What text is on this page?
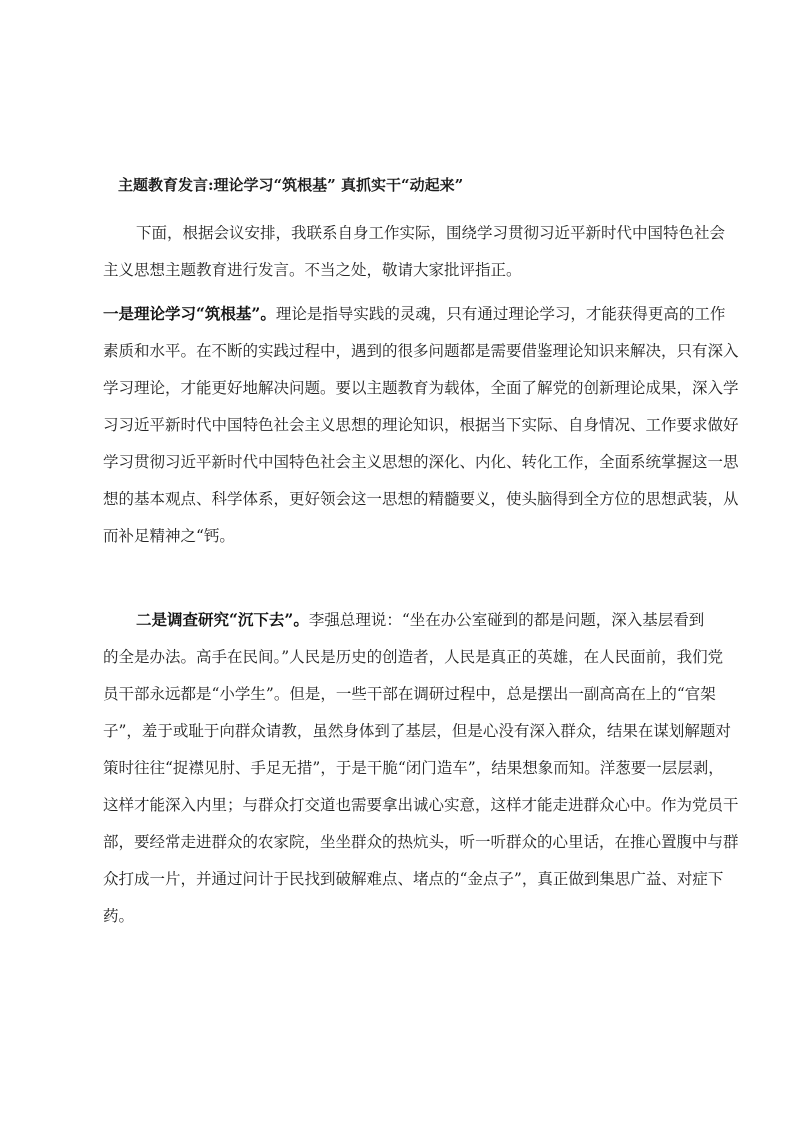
主题教育发言:理论学习“筑根基” 真抓实干“动起来”
下面，根据会议安排，我联系自身工作实际，围绕学习贯彻习近平新时代中国特色社会
主义思想主题教育进行发言。不当之处，敬请大家批评指正。
一是理论学习“筑根基”。理论是指导实践的灵魂，只有通过理论学习，才能获得更高的工作
素质和水平。在不断的实践过程中，遇到的很多问题都是需要借鉴理论知识来解决，只有深入
学习理论，才能更好地解决问题。要以主题教育为载体，全面了解党的创新理论成果，深入学
习习近平新时代中国特色社会主义思想的理论知识，根据当下实际、自身情况、工作要求做好
学习贯彻习近平新时代中国特色社会主义思想的深化、内化、转化工作，全面系统掌握这一思
想的基本观点、科学体系，更好领会这一思想的精髓要义，使头脑得到全方位的思想武装，从
而补足精神之“钙。
二是调查研究“沉下去”。李强总理说：“坐在办公室碰到的都是问题，深入基层看到
的全是办法。高手在民间。”人民是历史的创造者，人民是真正的英雄，在人民面前，我们党
员干部永远都是“小学生”。但是，一些干部在调研过程中，总是摆出一副高高在上的“官架
子”，羞于或耻于向群众请教，虽然身体到了基层，但是心没有深入群众，结果在谋划解题对
策时往往“捉襟见肘、手足无措”，于是干脆“闭门造车”，结果想象而知。洋葱要一层层剥，
这样才能深入内里；与群众打交道也需要拿出诚心实意，这样才能走进群众心中。作为党员干
部，要经常走进群众的农家院，坐坐群众的热炕头，听一听群众的心里话，在推心置腹中与群
众打成一片，并通过问计于民找到破解难点、堵点的“金点子”，真正做到集思广益、对症下
药。
